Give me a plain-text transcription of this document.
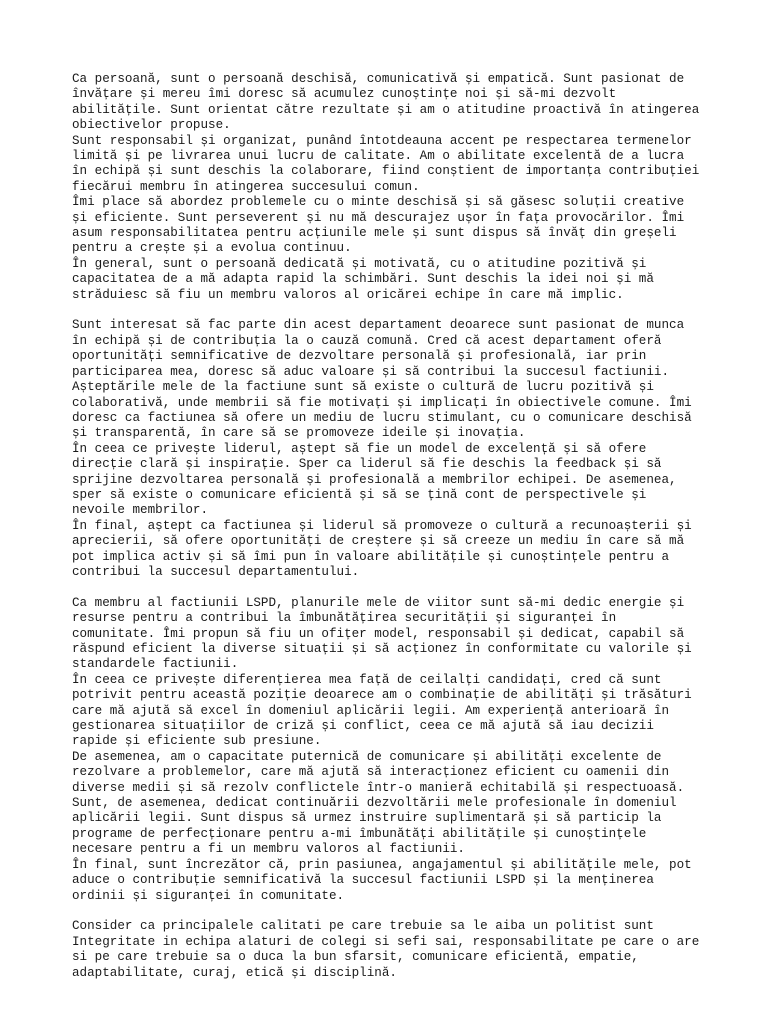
Ca persoană, sunt o persoană deschisă, comunicativă și empatică. Sunt pasionat de
învățare și mereu îmi doresc să acumulez cunoștințe noi și să-mi dezvolt
abilitățile. Sunt orientat către rezultate și am o atitudine proactivă în atingerea
obiectivelor propuse.
Sunt responsabil și organizat, punând întotdeauna accent pe respectarea termenelor
limită și pe livrarea unui lucru de calitate. Am o abilitate excelentă de a lucra
în echipă și sunt deschis la colaborare, fiind conștient de importanța contribuției
fiecărui membru în atingerea succesului comun.
Îmi place să abordez problemele cu o minte deschisă și să găsesc soluții creative
și eficiente. Sunt perseverent și nu mă descurajez ușor în fața provocărilor. Îmi
asum responsabilitatea pentru acțiunile mele și sunt dispus să învăț din greșeli
pentru a crește și a evolua continuu.
În general, sunt o persoană dedicată și motivată, cu o atitudine pozitivă și
capacitatea de a mă adapta rapid la schimbări. Sunt deschis la idei noi și mă
străduiesc să fiu un membru valoros al oricărei echipe în care mă implic.
Sunt interesat să fac parte din acest departament deoarece sunt pasionat de munca
în echipă și de contribuția la o cauză comună. Cred că acest departament oferă
oportunități semnificative de dezvoltare personală și profesională, iar prin
participarea mea, doresc să aduc valoare și să contribui la succesul factiunii.
Așteptările mele de la factiune sunt să existe o cultură de lucru pozitivă și
colaborativă, unde membrii să fie motivați și implicați în obiectivele comune. Îmi
doresc ca factiunea să ofere un mediu de lucru stimulant, cu o comunicare deschisă
și transparentă, în care să se promoveze ideile și inovația.
În ceea ce privește liderul, aștept să fie un model de excelență și să ofere
direcție clară și inspirație. Sper ca liderul să fie deschis la feedback și să
sprijine dezvoltarea personală și profesională a membrilor echipei. De asemenea,
sper să existe o comunicare eficientă și să se țină cont de perspectivele și
nevoile membrilor.
În final, aștept ca factiunea și liderul să promoveze o cultură a recunoașterii și
aprecierii, să ofere oportunități de creștere și să creeze un mediu în care să mă
pot implica activ și să îmi pun în valoare abilitățile și cunoștințele pentru a
contribui la succesul departamentului.
Ca membru al factiunii LSPD, planurile mele de viitor sunt să-mi dedic energie și
resurse pentru a contribui la îmbunătățirea securității și siguranței în
comunitate. Îmi propun să fiu un ofițer model, responsabil și dedicat, capabil să
răspund eficient la diverse situații și să acționez în conformitate cu valorile și
standardele factiunii.
În ceea ce privește diferențierea mea față de ceilalți candidați, cred că sunt
potrivit pentru această poziție deoarece am o combinație de abilități și trăsături
care mă ajută să excel în domeniul aplicării legii. Am experiență anterioară în
gestionarea situațiilor de criză și conflict, ceea ce mă ajută să iau decizii
rapide și eficiente sub presiune.
De asemenea, am o capacitate puternică de comunicare și abilități excelente de
rezolvare a problemelor, care mă ajută să interacționez eficient cu oamenii din
diverse medii și să rezolv conflictele într-o manieră echitabilă și respectuoasă.
Sunt, de asemenea, dedicat continuării dezvoltării mele profesionale în domeniul
aplicării legii. Sunt dispus să urmez instruire suplimentară și să particip la
programe de perfecționare pentru a-mi îmbunătăți abilitățile și cunoștințele
necesare pentru a fi un membru valoros al factiunii.
În final, sunt încrezător că, prin pasiunea, angajamentul și abilitățile mele, pot
aduce o contribuție semnificativă la succesul factiunii LSPD și la menținerea
ordinii și siguranței în comunitate.
Consider ca principalele calitati pe care trebuie sa le aiba un politist sunt
Integritate in echipa alaturi de colegi si sefi sai, responsabilitate pe care o are
si pe care trebuie sa o duca la bun sfarsit, comunicare eficientă, empatie,
adaptabilitate, curaj, etică și disciplină.
